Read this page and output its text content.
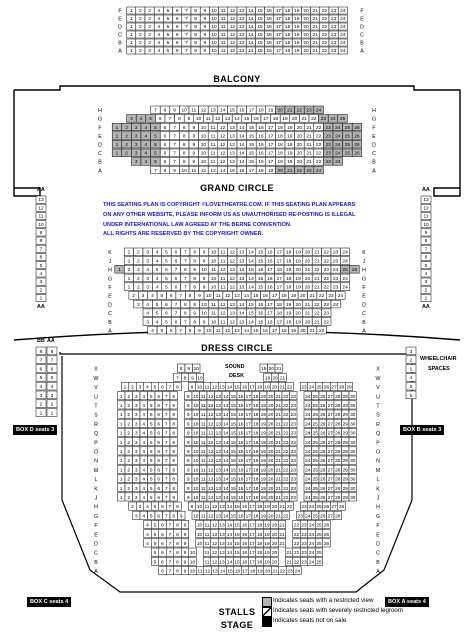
1 2 3 4 5 6 7 8 9 10 11 12 13 14 15 16 17 18 19 20 21 22 23 24
F	F
1 2 3 4 5 6 7 8 9 10 11 12 13 14 15 16 17 18 19 20 21 22 23 24
E	E
1 2 3 4 5 6 7 8 9 10 11 12 13 14 15 16 17 18 19 20 21 22 23 24
D	D
1 2 3 4 5 6 7 8 9 10 11 12 13 14 15 16 17 18 19 20 21 22 23 24
C	C
1 2 3 4 5 6 7 8 9 10 11 12 13 14 15 16 17 18 19 20 21 22 23 24
B	B
1 2 3 4 5 6 7 8 9 10 11 12 13 14 15 16 17 18 19 20 21 22 23 24
A	A
7 8 9 10 11 12 13 14 15 16 17 18 19 20 21 22 23 24
H	H
3 4 5 6 7 8 9 10 11 12 13 14 15 16 17 18 19 20 21 22 23 24 25
G	G
1 2 3 4 5 6 7 8 9 10 11 12 13 14 15 16 17 18 19 20 21 22 23 24 25 26
F	F
1 2 3 4 5 6 7 8 9 10 11 12 13 14 15 16 17 18 19 20 21 22 23 24 25 26
E	E
1 2 3 4 5 6 7 8 9 10 11 12 13 14 15 16 17 18 19 20 21 22 23 24 25 26
D	D
1 2 3 4 5 6 7 8 9 10 11 12 13 14 15 16 17 18 19 20 21 22 23 24 25 26
C	C
3 4 5 6 7 8 9 10 11 12 13 14 15 16 17 18 19 20 21 22 23 24
B	B
7 8 9 10 11 12 13 14 15 16 17 18 19 20 21 22 23 24
A	A
1 2 3 4 5 6 7 8 9 10 11 12 13 14 15 16 17 18 19 20 21 22 23 24
K	K
1 2 3 4 5 6 7 8 9 10 11 12 13 14 15 16 17 18 19 20 21 22 23 24
J	J
1 2 3 4 5 6 7 8 9 10 11 12 13 14 15 16 17 18 19 20 21 22 23 24 25 26
H	H
1 2 3 4 5 6 7 8 9 10 11 12 13 14 15 16 17 18 19 20 21 22 23 24
G	G
1 2 3 4 5 6 7 8 9 10 11 12 13 14 15 16 17 18 19 20 21 22 23 24
F	F
2 3 4 5 6 7 8 9 10 11 12 13 14 15 16 17 18 19 20 21 22 23 24
E	E
3 4 5 6 7 8 9 10 11 12 13 14 15 16 17 18 19 20 21 22 23 24
D	D
4 5 6 7 8 9 10 11 12 13 14 15 16 17 18 19 20 21 22 23
C	C
3 4 5 6 7 8 9 10 11 12 13 14 15 16 17 18 19 20 21 22
B	B
4 5 6 7 8 9 10 11 12 13 14 15 16 17 18 19 20 21 22
A	A
8 9 10	19 20 21
X	X
7 8 9 10	19 20 21
W	W
1 2 3 4 5 6 7 8 9 10 11 12 13 14 15 16 17 18 19 20 21 22 23 24 25 26 27 28 29
V	V
1 2 3 4 5 6 7 8 9 10 11 12 13 14 15 16 17 18 19 20 21 22 23 24 25 26 27 28 29 30
U	U
1 2 3 4 5 6 7 8 9 10 11 12 13 14 15 16 17 18 19 20 21 22 23 24 25 26 27 28 29 30
T	T
1 2 3 4 5 6 7 8 9 10 11 12 13 14 15 16 17 18 19 20 21 22 23 24 25 26 27 28 29 30
S	S
1 2 3 4 5 6 7 8 9 10 11 12 13 14 15 16 17 18 19 20 21 22 23 24 25 26 27 28 29 30
R	R
1 2 3 4 5 6 7 8 9 10 11 12 13 14 15 16 17 18 19 20 21 22 23 24 25 26 27 28 29 30
Q	Q
1 2 3 4 5 6 7 8 9 10 11 12 13 14 15 16 17 18 19 20 21 22 23 24 25 26 27 28 29 30
P	P
1 2 3 4 5 6 7 8 9 10 11 12 13 14 15 16 17 18 19 20 21 22 23 24 25 26 27 28 29 30
O	O
1 2 3 4 5 6 7 8 9 10 11 12 13 14 15 16 17 18 19 20 21 22 23 24 25 26 27 28 29 30
N	N
1 2 3 4 5 6 7 8 9 10 11 12 13 14 15 16 17 18 19 20 21 22 23 24 25 26 27 28 29 30
M	M
1 2 3 4 5 6 7 8 9 10 11 12 13 14 15 16 17 18 19 20 21 22 23 24 25 26 27 28 29 30
L	L
1 2 3 4 5 6 7 8 9 10 11 12 13 14 15 16 17 18 19 20 21 22 23 24 25 26 27 28 29 30
K	K
1 2 3 4 5 6 7 8 9 10 11 12 13 14 15 16 17 18 19 20 21 22 23 24 25 26 27 28 29 30
J	J
2 3 4 5 6 7 8 9 10 11 12 13 14 15 16 17 18 19 20 21 22 23 24 25 26 27 28
H	H
3 4 5 6 7 8 9 10 11 12 13 14 15 16 17 18 19 20 21 22 23 24 25 26 27 28
G	G
4 5 6 7 8 9 10 11 12 13 14 15 16 17 18 19 20 21 22 23 24 25 26
F	F
4 5 6 7 8 9 10 11 12 13 14 15 16 17 18 19 20 21 22 23 24 25 26
E	E
4 5 6 7 8 9 10 11 12 13 14 15 16 17 18 19 20 21 22 23 24 25 26
D	D
5 6 7 8 9 10 11 12 13 14 15 16 17 18 19 20 21 22 23 24 25
C	C
5 6 7 8 9 10 11 12 13 14 15 16 17 18 19 20 21 22 23 24 25
B	B
6 7 8 9 10 11 12 13 14 15 16 17 18 19 20 21 22 23 24
A	A
13
12
11
10
9
8
7
6
5
4
3
2
1
13
12
11
10
9
8
7
6
5
4
3
2
1
8
7
6
5
4
3
2
1
8
7
6
5
4
3
2
1
3
2
1
4
5
6
BALCONY
GRAND CIRCLE
DRESS CIRCLE
STALLS
STAGE
THIS SEATING PLAN IS COPYRIGHT ©LOVETHEATRE.COM. IF THIS SEATING PLAN APPEARS
ON ANY OTHER WEBSITE, PLEASE INFORM US AS UNAUTHORISED RE-POSTING IS ILLEGAL
UNDER INTERNATIONAL LAW AGREED AT THE BERNE CONVENTION.
ALL RIGHTS ARE RESERVED BY THE COPYRIGHT OWNER.
SOUND
DESK
WHEELCHAIR
SPACES
AA	AA
AA	AA
BB AA
BOX D seats 3	BOX B seats 3
BOX C seats 4	BOX A seats 4
Indicates seats with a restricted view
Indicates seats with severely restricted legroom
Indicates seats not on sale
